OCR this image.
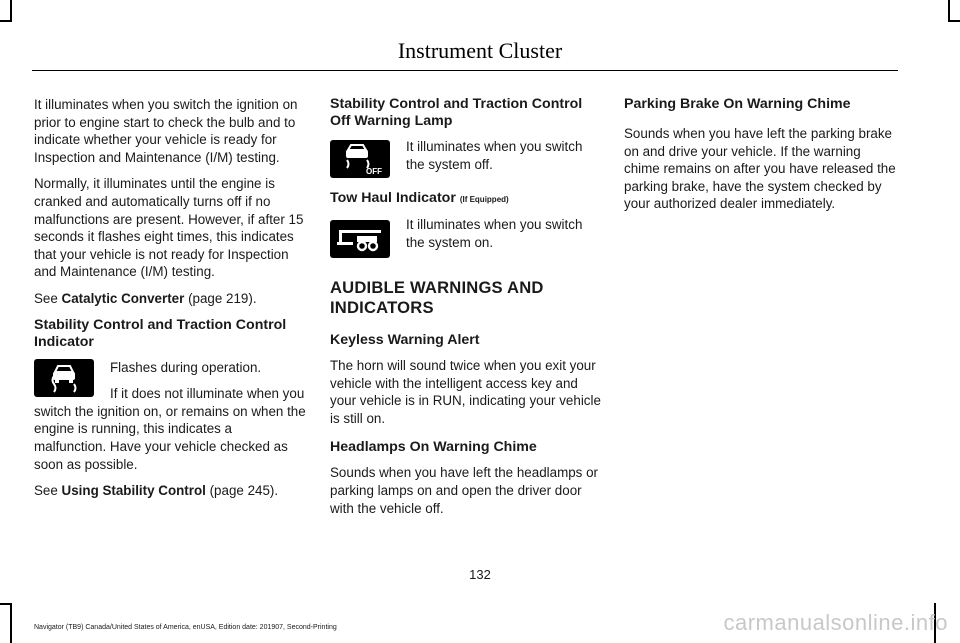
Instrument Cluster

It illuminates when you switch the ignition on prior to engine start to check the bulb and to indicate whether your vehicle is ready for Inspection and Maintenance (I/M) testing.

Normally, it illuminates until the engine is cranked and automatically turns off if no malfunctions are present. However, if after 15 seconds it flashes eight times, this indicates that your vehicle is not ready for Inspection and Maintenance (I/M) testing.

See Catalytic Converter (page 219).

Stability Control and Traction Control Indicator

Flashes during operation.

If it does not illuminate when you switch the ignition on, or remains on when the engine is running, this indicates a malfunction. Have your vehicle checked as soon as possible.

See Using Stability Control (page 245).

Stability Control and Traction Control Off Warning Lamp
OFF

It illuminates when you switch the system off.

Tow Haul Indicator (If Equipped)

It illuminates when you switch the system on.

AUDIBLE WARNINGS AND
INDICATORS
Keyless Warning Alert

The horn will sound twice when you exit your vehicle with the intelligent access key and your vehicle is in RUN, indicating your vehicle is still on.

Headlamps On Warning Chime

Sounds when you have left the headlamps or parking lamps on and open the driver door with the vehicle off.

Parking Brake On Warning Chime

Sounds when you have left the parking brake on and drive your vehicle. If the warning chime remains on after you have released the parking brake, have the system checked by your authorized dealer immediately.

132
Navigator (TB9) Canada/United States of America, enUSA, Edition date: 201907, Second-Printing	carmanualsonline.info
